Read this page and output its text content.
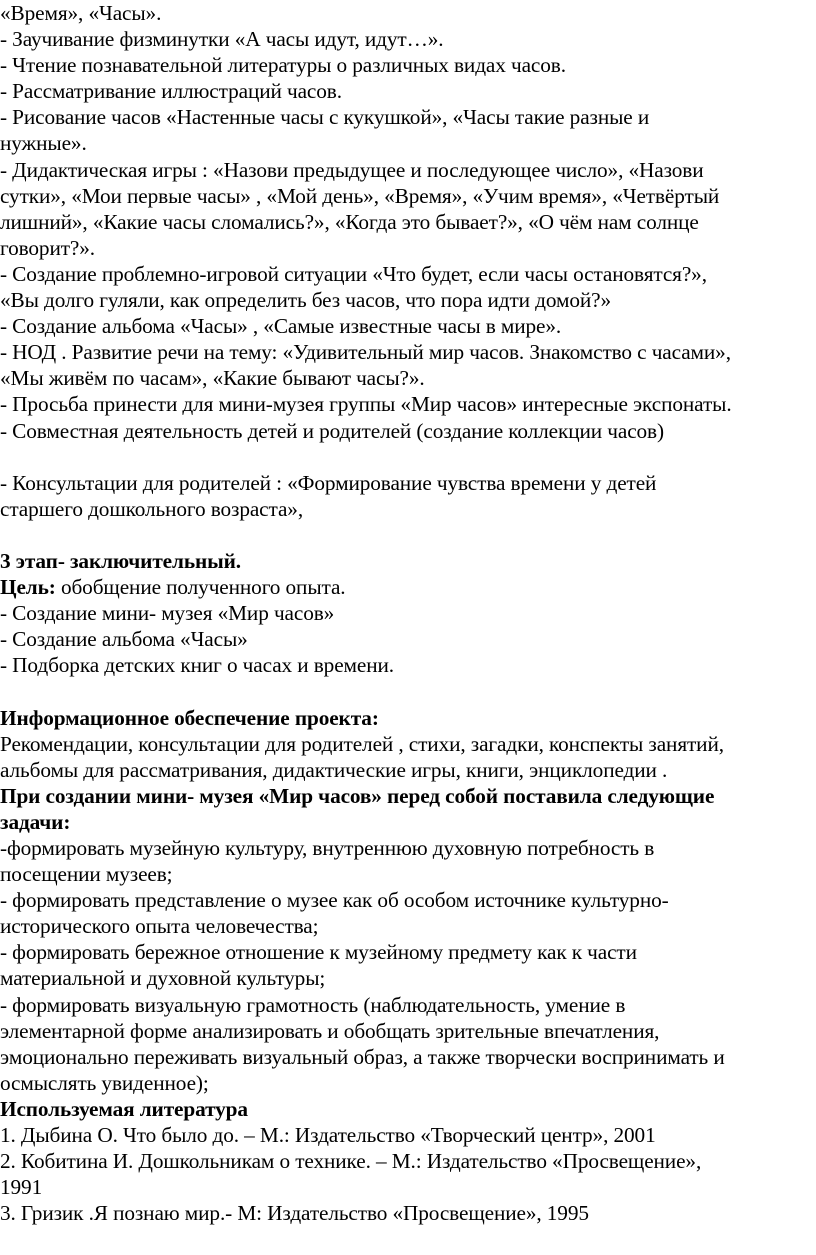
«Время», «Часы».
- Заучивание физминутки «А часы идут, идут…».
- Чтение познавательной литературы о различных видах часов.
- Рассматривание иллюстраций часов.
- Рисование часов «Настенные часы с кукушкой», «Часы такие разные и
нужные».
- Дидактическая игры : «Назови предыдущее и последующее число», «Назови
сутки», «Мои первые часы» , «Мой день», «Время», «Учим время», «Четвёртый
лишний», «Какие часы сломались?», «Когда это бывает?», «О чём нам солнце
говорит?».
- Создание проблемно-игровой ситуации «Что будет, если часы остановятся?»,
«Вы долго гуляли, как определить без часов, что пора идти домой?»
- Создание альбома «Часы» , «Самые известные часы в мире».
- НОД . Развитие речи на тему: «Удивительный мир часов. Знакомство с часами»,
«Мы живём по часам», «Какие бывают часы?».
- Просьба принести для мини-музея группы «Мир часов» интересные экспонаты.
- Совместная деятельность детей и родителей (создание коллекции часов)
- Консультации для родителей : «Формирование чувства времени у детей
старшего дошкольного возраста»,
3 этап- заключительный.
Цель: обобщение полученного опыта.
- Создание мини- музея «Мир часов»
- Создание альбома «Часы»
- Подборка детских книг о часах и времени.
Информационное обеспечение проекта:
Рекомендации, консультации для родителей , стихи, загадки, конспекты занятий,
альбомы для рассматривания, дидактические игры, книги, энциклопедии .
При создании мини- музея «Мир часов» перед собой поставила следующие
задачи:
-формировать музейную культуру, внутреннюю духовную потребность в
посещении музеев;
- формировать представление о музее как об особом источнике культурно-
исторического опыта человечества;
- формировать бережное отношение к музейному предмету как к части
материальной и духовной культуры;
- формировать визуальную грамотность (наблюдательность, умение в
элементарной форме анализировать и обобщать зрительные впечатления,
эмоционально переживать визуальный образ, а также творчески воспринимать и
осмыслять увиденное);
Используемая литература
1. Дыбина О. Что было до. – М.: Издательство «Творческий центр», 2001
2. Кобитина И. Дошкольникам о технике. – М.: Издательство «Просвещение»,
1991
3. Гризик .Я познаю мир.- М: Издательство «Просвещение», 1995
